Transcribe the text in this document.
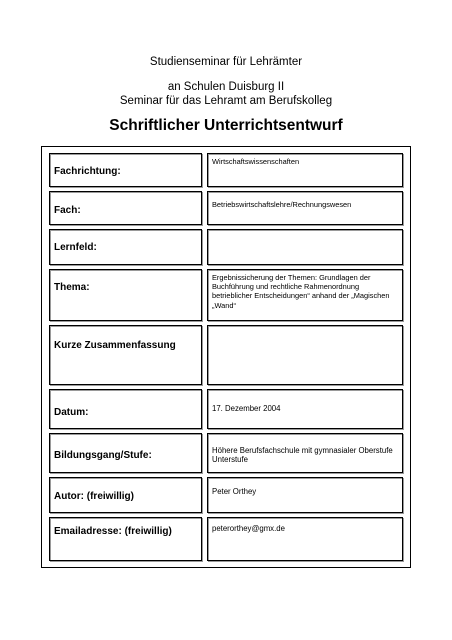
Studienseminar für Lehrämter
an Schulen Duisburg II
Seminar für das Lehramt am Berufskolleg
Schriftlicher Unterrichtsentwurf
Fachrichtung:
Wirtschaftswissenschaften
Fach:
Betriebswirtschaftslehre/Rechnungswesen
Lernfeld:
Thema:
Ergebnissicherung der Themen: Grundlagen der Buchführung und rechtliche Rahmenordnung betrieblicher Entscheidungen“ anhand der „Magischen „Wand“
Kurze Zusammenfassung
Datum:	17. Dezember 2004
Bildungsgang/Stufe:	Höhere Berufsfachschule mit gymnasialer Oberstufe Unterstufe
Autor: (freiwillig)	Peter Orthey
Emailadresse: (freiwillig)	peterorthey@gmx.de
